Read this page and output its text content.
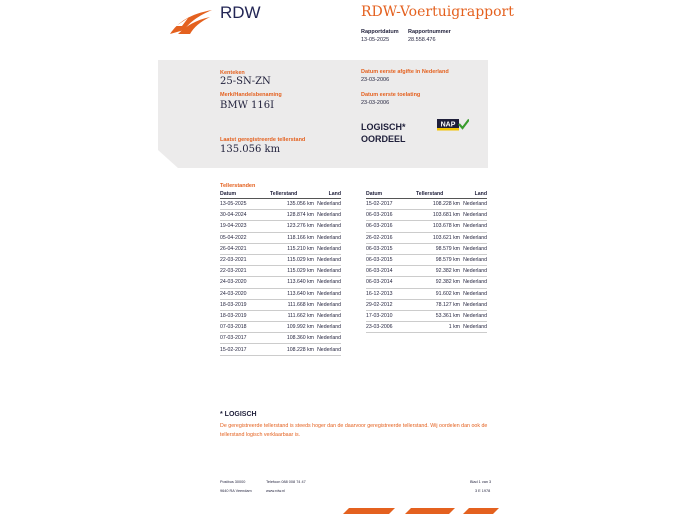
RDW	RDW-Voertuigrapport
Rapportdatum
13-05-2025
Rapportnummer
28.558.476
Kenteken
25-SN-ZN
Merk/Handelsbenaming
BMW 116I
Laatst geregistreerde tellerstand
135.056 km
Datum eerste afgifte in Nederland
23-03-2006
Datum eerste toelating
23-03-2006
LOGISCH*
OORDEEL
NAP
Tellerstanden
Datum	Tellerstand	Land
13-05-2025	135.056 km	Nederland
30-04-2024	128.874 km	Nederland
19-04-2023	123.276 km	Nederland
05-04-2022	118.166 km	Nederland
26-04-2021	115.210 km	Nederland
22-03-2021	115.029 km	Nederland
22-03-2021	115.029 km	Nederland
24-03-2020	113.640 km	Nederland
24-03-2020	113.640 km	Nederland
18-03-2019	111.668 km	Nederland
18-03-2019	111.662 km	Nederland
07-03-2018	109.992 km	Nederland
07-03-2017	108.360 km	Nederland
15-02-2017	108.228 km	Nederland
Datum	Tellerstand	Land
15-02-2017	108.228 km	Nederland
06-03-2016	103.681 km	Nederland
06-03-2016	103.678 km	Nederland
26-02-2016	103.621 km	Nederland
06-03-2015	98.579 km	Nederland
06-03-2015	98.579 km	Nederland
06-03-2014	92.382 km	Nederland
06-03-2014	92.382 km	Nederland
16-12-2013	91.602 km	Nederland
29-02-2012	78.127 km	Nederland
17-03-2010	53.361 km	Nederland
23-03-2006	1 km	Nederland
* LOGISCH
De geregistreerde tellerstand is steeds hoger dan de daarvoor geregistreerde tellerstand. Wij oordelen dan ook de tellerstand logisch verklaarbaar is.
Postbus 30000
9640 RA Veendam
Telefoon 088 008 74 47
www.rdw.nl
Blad 1 van 3
3 E 1978
